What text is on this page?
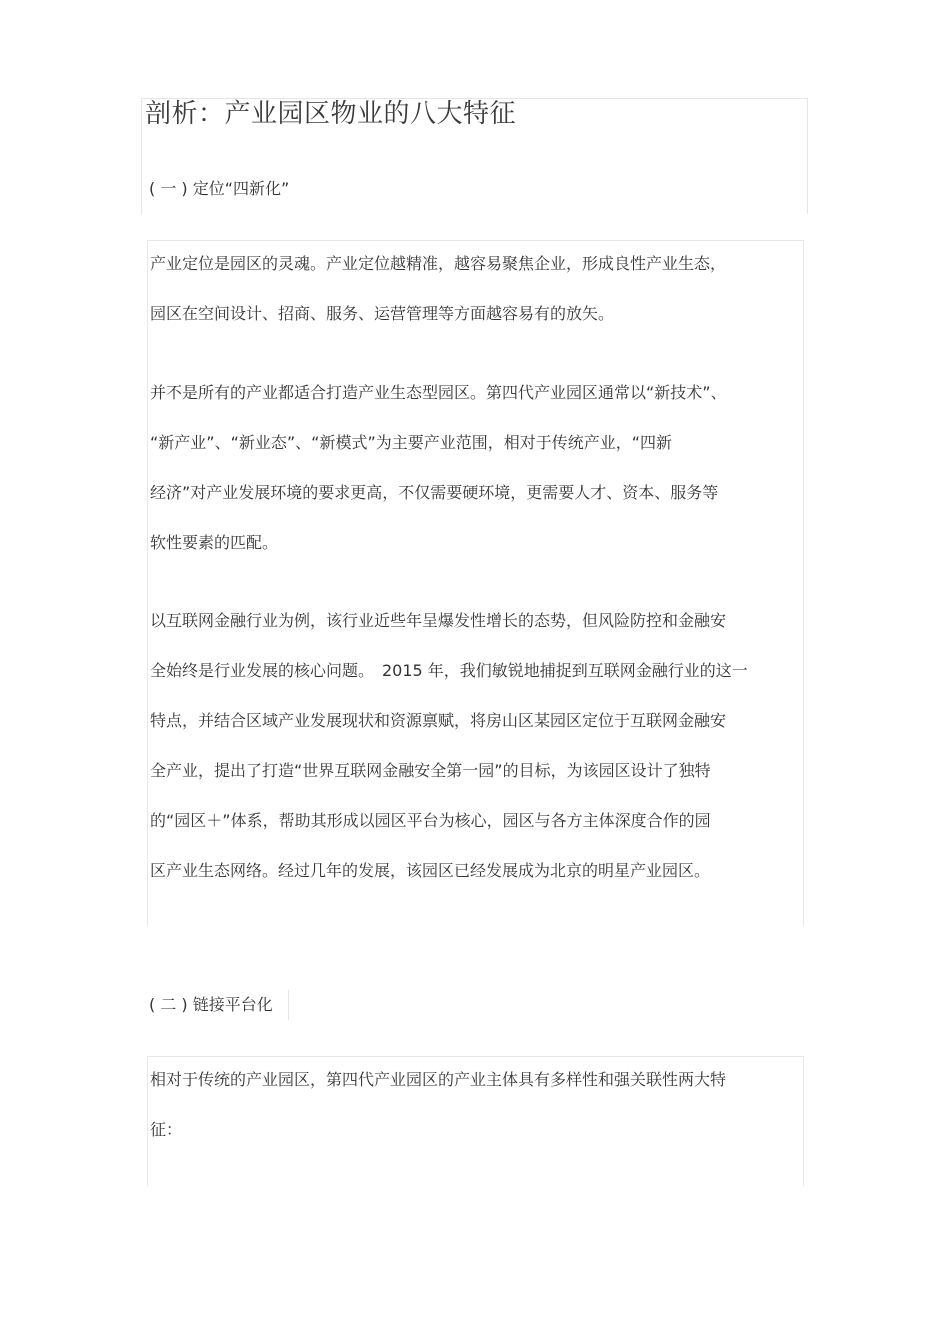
剖析：产业园区物业的八大特征
( 一 ) 定位“四新化”
产业定位是园区的灵魂。产业定位越精准，越容易聚焦企业，形成良性产业生态，
园区在空间设计、招商、服务、运营管理等方面越容易有的放矢。
并不是所有的产业都适合打造产业生态型园区。第四代产业园区通常以“新技术”、
“新产业”、“新业态”、“新模式”为主要产业范围，相对于传统产业，“四新
经济”对产业发展环境的要求更高，不仅需要硬环境，更需要人才、资本、服务等
软性要素的匹配。
以互联网金融行业为例，该行业近些年呈爆发性增长的态势，但风险防控和金融安
全始终是行业发展的核心问题。　2015 年，我们敏锐地捕捉到互联网金融行业的这一
特点，并结合区域产业发展现状和资源禀赋，将房山区某园区定位于互联网金融安
全产业，提出了打造“世界互联网金融安全第一园”的目标，为该园区设计了独特
的“园区＋”体系，帮助其形成以园区平台为核心，园区与各方主体深度合作的园
区产业生态网络。经过几年的发展，该园区已经发展成为北京的明星产业园区。
( 二 ) 链接平台化
相对于传统的产业园区，第四代产业园区的产业主体具有多样性和强关联性两大特
征：
